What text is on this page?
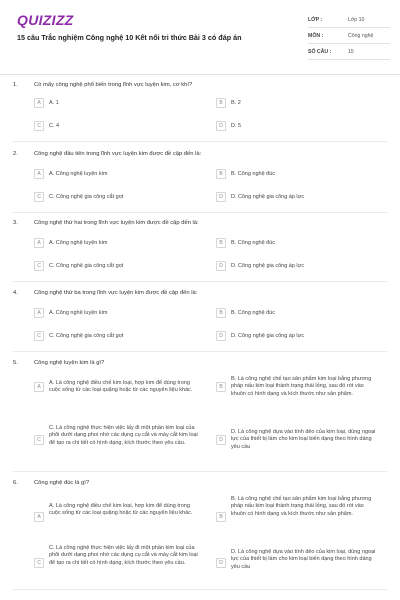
QUIZIZZ
15 câu Trắc nghiệm Công nghệ 10 Kết nối tri thức Bài 3 có đáp án
LỚP :	Lớp 10
MÔN :	Công nghệ
SỐ CÂU :	15
1.	Có mấy công nghệ phổ biến trong lĩnh vực luyện kim, cơ khí?
A	A. 1	B	B. 2
C	C. 4	D	D. 5
2.	Công nghệ đầu tiên trong lĩnh vực luyện kim được đề cập đến là:
A	A. Công nghệ luyện kim	B	B. Công nghệ đúc
C	C. Công nghệ gia công cắt gọt	D	D. Công nghệ gia công áp lực
3.	Công nghệ thứ hai trong lĩnh vực luyện kim được đề cập đến là:
A	A. Công nghệ luyện kim	B	B. Công nghệ đúc
C	C. Công nghệ gia công cắt gọt	D	D. Công nghệ gia công áp lực
4.	Công nghệ thứ ba trong lĩnh vực luyện kim được đề cập đến là:
A	A. Công nghệ luyện kim	B	B. Công nghệ đúc
C	C. Công nghệ gia công cắt gọt	D	D. Công nghệ gia công áp lực
5.	Công nghệ luyện kim là gì?
A
A. Là công nghệ điều chế kim loại, hợp kim để dùng trong cuộc sống từ các loại quặng hoặc từ các nguyên liệu khác.
B
B. Là công nghệ chế tạo sản phẩm kim loại bằng phương pháp nấu kim loại thành trạng thái lỏng, sau đó rót vào khuôn có hình dạng và kích thước như sản phẩm.
C
C. Là công nghệ thực hiện việc lấy đi một phần kim loại của phôi dưới dạng phoi nhờ các dụng cụ cắt và máy cắt kim loại để tạo ra chi tiết có hình dạng, kích thước theo yêu cầu.	D
D. Là công nghệ dựa vào tính dẻo của kim loại, dùng ngoại lực của thiết bị làm cho kim loại biến dạng theo hình dáng yêu cầu
6.	Công nghệ đúc là gì?
A
A. Là công nghệ điều chế kim loại, hợp kim để dùng trong cuộc sống từ các loại quặng hoặc từ các nguyên liệu khác.
B
B. Là công nghệ chế tạo sản phẩm kim loại bằng phương pháp nấu kim loại thành trạng thái lỏng, sau đó rót vào khuôn có hình dạng và kích thước như sản phẩm.
C
C. Là công nghệ thực hiện việc lấy đi một phần kim loại của phôi dưới dạng phoi nhờ các dụng cụ cắt và máy cắt kim loại để tạo ra chi tiết có hình dạng, kích thước theo yêu cầu.	D
D. Là công nghệ dựa vào tính dẻo của kim loại, dùng ngoại lực của thiết bị làm cho kim loại biến dạng theo hình dáng yêu cầu
